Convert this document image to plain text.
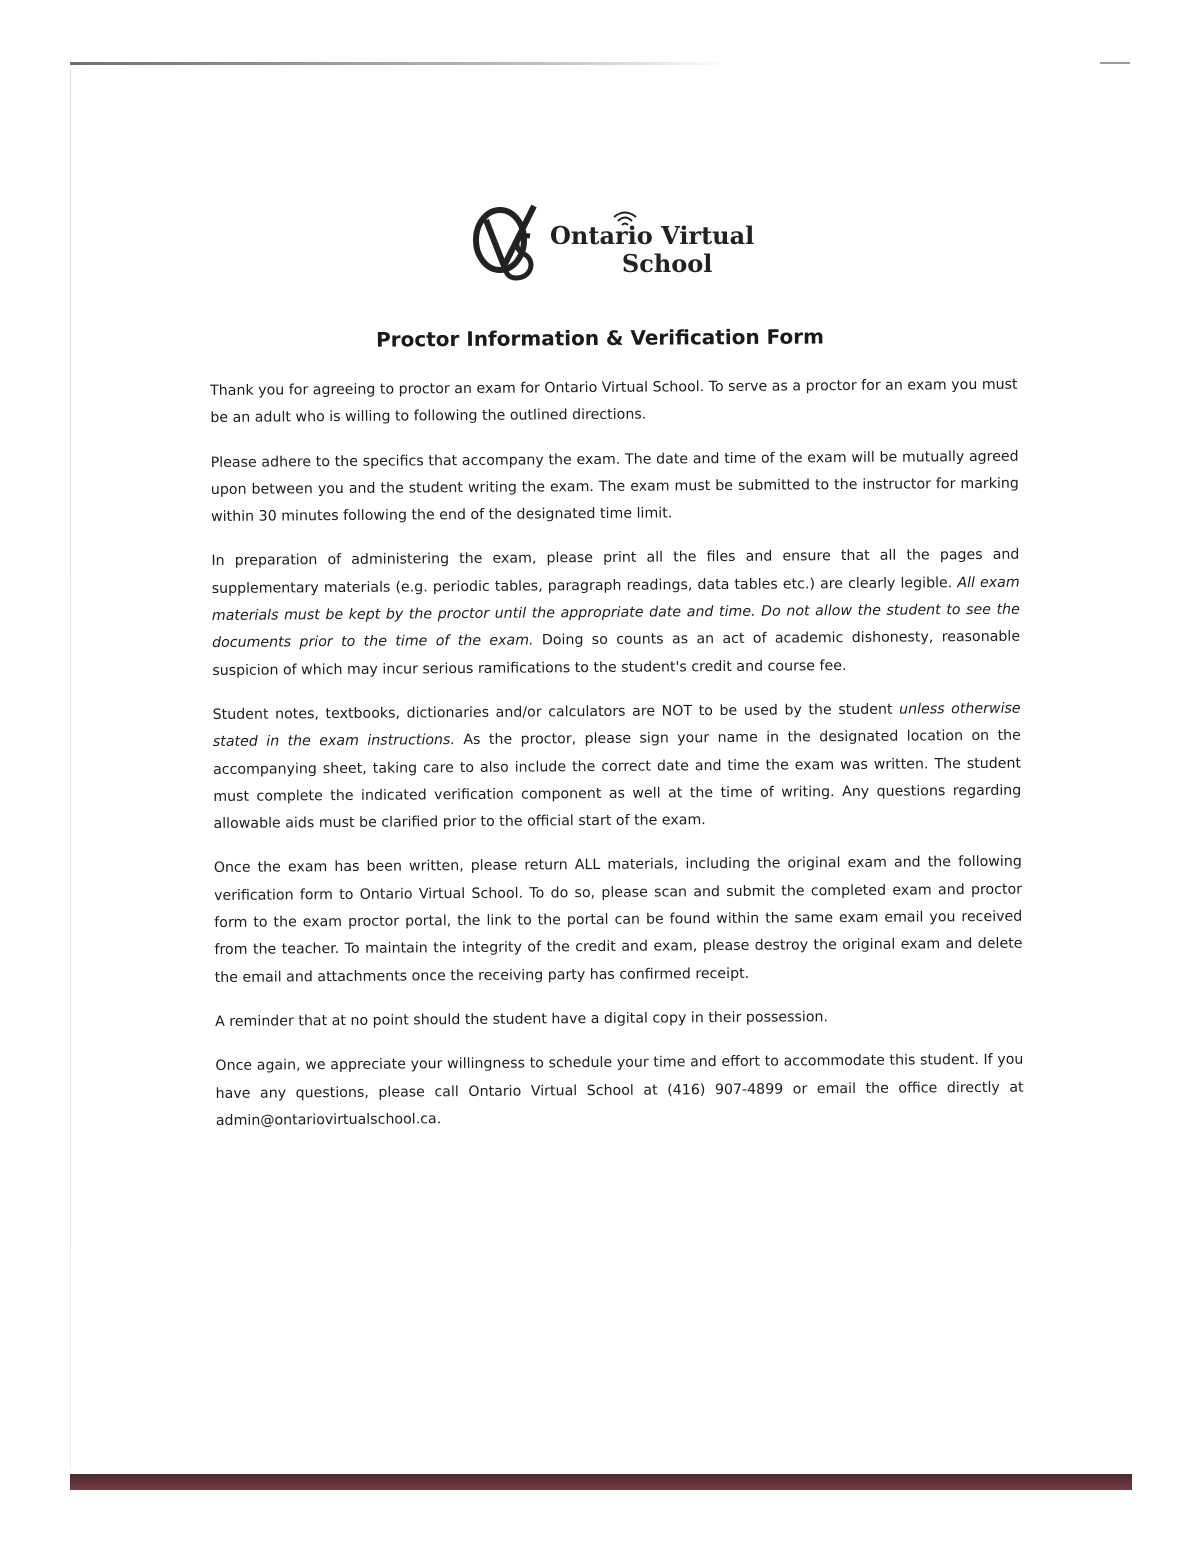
Ontario Virtual
School
Proctor Information & Verification Form

Thank you for agreeing to proctor an exam for Ontario Virtual School. To serve as a proctor for an exam you must be an adult who is willing to following the outlined directions.

Please adhere to the specifics that accompany the exam. The date and time of the exam will be mutually agreed upon between you and the student writing the exam. The exam must be submitted to the instructor for marking within 30 minutes following the end of the designated time limit.

In preparation of administering the exam, please print all the files and ensure that all the pages and supplementary materials (e.g. periodic tables, paragraph readings, data tables etc.) are clearly legible. All exam materials must be kept by the proctor until the appropriate date and time. Do not allow the student to see the documents prior to the time of the exam. Doing so counts as an act of academic dishonesty, reasonable suspicion of which may incur serious ramifications to the student's credit and course fee.

Student notes, textbooks, dictionaries and/or calculators are NOT to be used by the student unless otherwise stated in the exam instructions. As the proctor, please sign your name in the designated location on the accompanying sheet, taking care to also include the correct date and time the exam was written. The student must complete the indicated verification component as well at the time of writing. Any questions regarding allowable aids must be clarified prior to the official start of the exam.

Once the exam has been written, please return ALL materials, including the original exam and the following verification form to Ontario Virtual School. To do so, please scan and submit the completed exam and proctor form to the exam proctor portal, the link to the portal can be found within the same exam email you received from the teacher. To maintain the integrity of the credit and exam, please destroy the original exam and delete the email and attachments once the receiving party has confirmed receipt.

A reminder that at no point should the student have a digital copy in their possession.

Once again, we appreciate your willingness to schedule your time and effort to accommodate this student. If you have any questions, please call Ontario Virtual School at (416) 907-4899 or email the office directly at admin@ontariovirtualschool.ca.
